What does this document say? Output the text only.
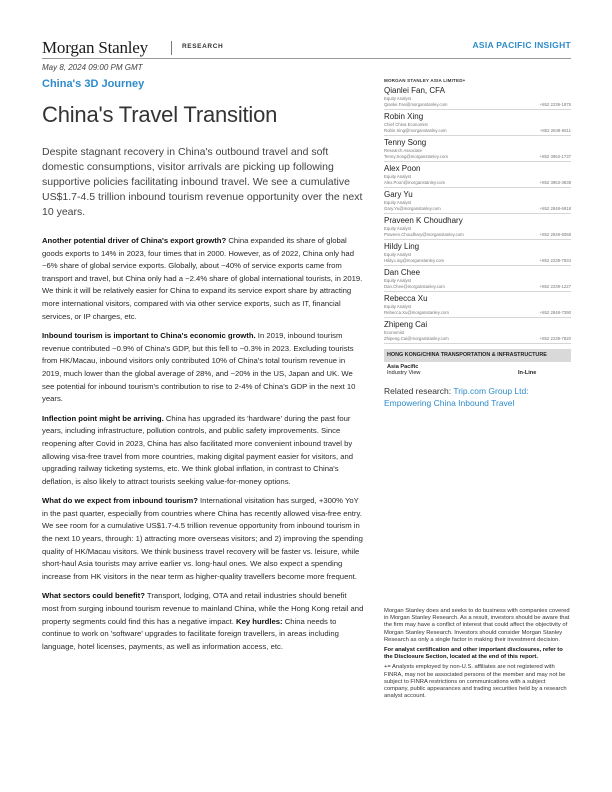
Morgan Stanley	RESEARCH	ASIA PACIFIC INSIGHT
May 8, 2024 09:00 PM GMT
China's 3D Journey
China's Travel Transition
Despite stagnant recovery in China's outbound travel and soft domestic consumptions, visitor arrivals are picking up following supportive policies facilitating inbound travel. We see a cumulative US$1.7-4.5 trillion inbound tourism revenue opportunity over the next 10 years.
Another potential driver of China's export growth? China expanded its share of global goods exports to 14% in 2023, four times that in 2000. However, as of 2022, China only had ~6% share of global service exports. Globally, about ~40% of service exports came from transport and travel, but China only had a ~2.4% share of global international tourists, in 2019. We think it will be relatively easier for China to expand its service export share by attracting more international visitors, compared with via other service exports, such as IT, financial services, or IP charges, etc.
Inbound tourism is important to China's economic growth. In 2019, inbound tourism revenue contributed ~0.9% of China's GDP, but this fell to ~0.3% in 2023. Excluding tourists from HK/Macau, inbound visitors only contributed 10% of China's total tourism revenue in 2019, much lower than the global average of 28%, and ~20% in the US, Japan and UK. We see potential for inbound tourism's contribution to rise to 2-4% of China's GDP in the next 10 years.
Inflection point might be arriving. China has upgraded its 'hardware' during the past four years, including infrastructure, pollution controls, and public safety improvements. Since reopening after Covid in 2023, China has also facilitated more convenient inbound travel by allowing visa-free travel from more countries, making digital payment easier for visitors, and upgrading railway ticketing systems, etc. We think global inflation, in contrast to China's deflation, is also likely to attract tourists seeking value-for-money options.
What do we expect from inbound tourism? International visitation has surged, +300% YoY in the past quarter, especially from countries where China has recently allowed visa-free entry. We see room for a cumulative US$1.7-4.5 trillion revenue opportunity from inbound tourism in the next 10 years, through: 1) attracting more overseas visitors; and 2) improving the spending quality of HK/Macau visitors. We think business travel recovery will be faster vs. leisure, while short-haul Asia tourists may arrive earlier vs. long-haul ones. We also expect a spending increase from HK visitors in the near term as higher-quality travellers become more frequent.
What sectors could benefit? Transport, lodging, OTA and retail industries should benefit most from surging inbound tourism revenue to mainland China, while the Hong Kong retail and property segments could find this has a negative impact. Key hurdles: China needs to continue to work on 'software' upgrades to facilitate foreign travellers, in areas including language, hotel licenses, payments, as well as information access, etc.
MORGAN STANLEY ASIA LIMITED+
Qianlei Fan, CFA
Equity Analyst
Qianlei.Fan@morganstanley.com	+852 2239-1875
Robin Xing
Chief China Economist
Robin.Xing@morganstanley.com	+852 2848-6511
Tenny Song
Research Associate
Tenny.Song@morganstanley.com	+852 3963-1737
Alex Poon
Equity Analyst
Alex.Poon@morganstanley.com	+852 3963-3838
Gary Yu
Equity Analyst
Gary.Yu@morganstanley.com	+852 2848-6918
Praveen K Choudhary
Equity Analyst
Praveen.Choudhary@morganstanley.com	+852 2848-5068
Hildy Ling
Equity Analyst
Hildy.Ling@morganstanley.com	+852 2239-7834
Dan Chee
Equity Analyst
Dan.Chee@morganstanley.com	+852 2239-1227
Rebecca Xu
Equity Analyst
Rebecca.Xu@morganstanley.com	+852 2848-7390
Zhipeng Cai
Economist
Zhipeng.Cai@morganstanley.com	+852 2239-7820
HONG KONG/CHINA TRANSPORTATION & INFRASTRUCTURE
Asia Pacific
Industry View	In-Line
Related research: Trip.com Group Ltd: Empowering China Inbound Travel
Morgan Stanley does and seeks to do business with companies covered in Morgan Stanley Research. As a result, investors should be aware that the firm may have a conflict of interest that could affect the objectivity of Morgan Stanley Research. Investors should consider Morgan Stanley Research as only a single factor in making their investment decision.
For analyst certification and other important disclosures, refer to the Disclosure Section, located at the end of this report.
+= Analysts employed by non-U.S. affiliates are not registered with FINRA, may not be associated persons of the member and may not be subject to FINRA restrictions on communications with a subject company, public appearances and trading securities held by a research analyst account.
